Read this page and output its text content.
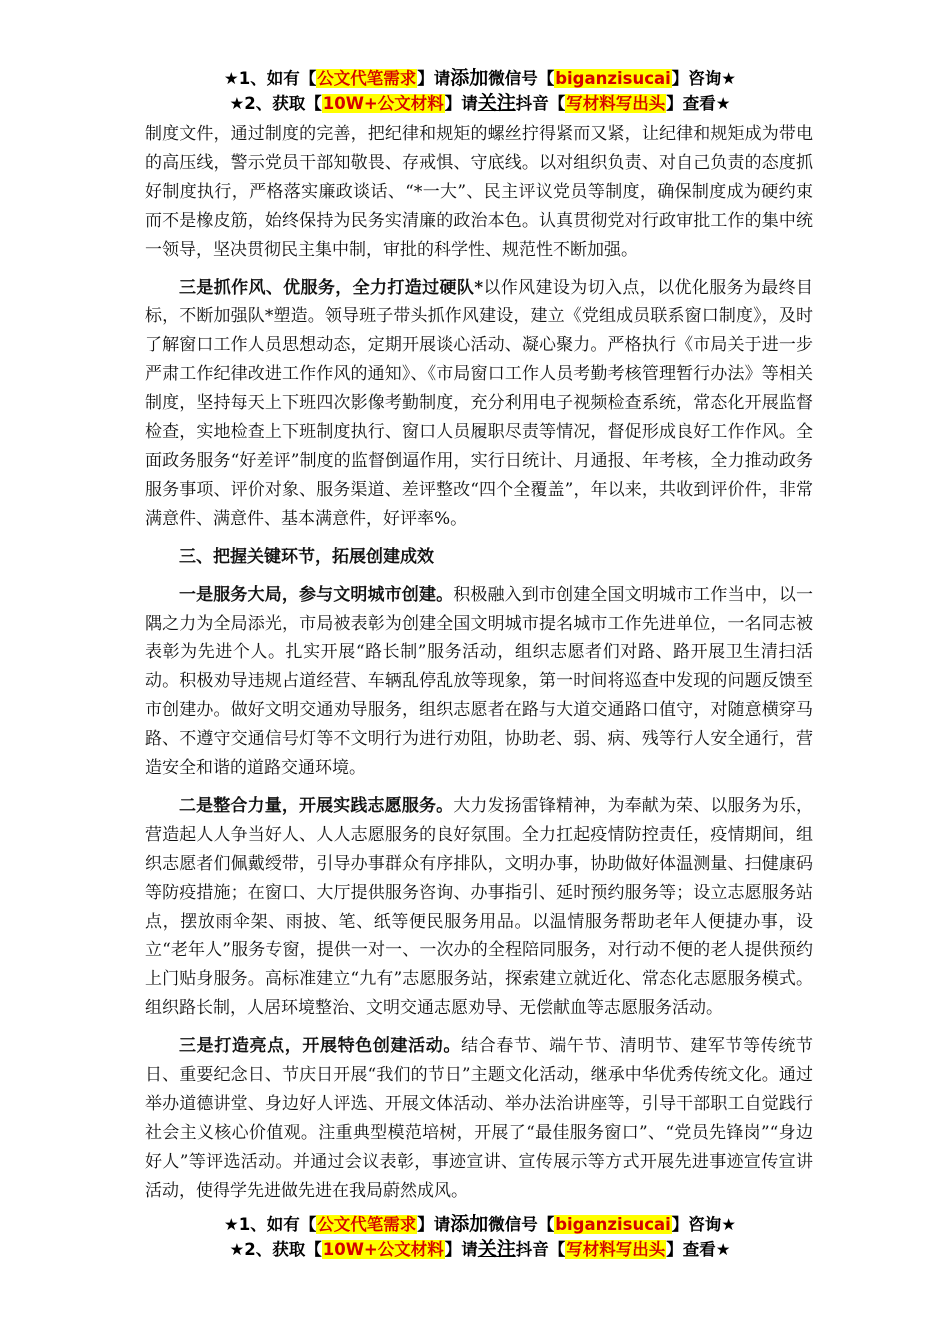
★1、如有【公文代笔需求】请添加微信号【biganzisucai】咨询★
★2、获取【10W+公文材料】请关注抖音【写材料写出头】查看★

制度文件，通过制度的完善，把纪律和规矩的螺丝拧得紧而又紧，让纪律和规矩成为带电的高压线，警示党员干部知敬畏、存戒惧、守底线。以对组织负责、对自己负责的态度抓好制度执行，严格落实廉政谈话、“*一大”、民主评议党员等制度，确保制度成为硬约束而不是橡皮筋，始终保持为民务实清廉的政治本色。认真贯彻党对行政审批工作的集中统一领导，坚决贯彻民主集中制，审批的科学性、规范性不断加强。

三是抓作风、优服务，全力打造过硬队*以作风建设为切入点，以优化服务为最终目标，不断加强队*塑造。领导班子带头抓作风建设，建立《党组成员联系窗口制度》，及时了解窗口工作人员思想动态，定期开展谈心活动、凝心聚力。严格执行《市局关于进一步严肃工作纪律改进工作作风的通知》、《市局窗口工作人员考勤考核管理暂行办法》等相关制度，坚持每天上下班四次影像考勤制度，充分利用电子视频检查系统，常态化开展监督检查，实地检查上下班制度执行、窗口人员履职尽责等情况，督促形成良好工作作风。全面政务服务“好差评”制度的监督倒逼作用，实行日统计、月通报、年考核，全力推动政务服务事项、评价对象、服务渠道、差评整改“四个全覆盖”，年以来，共收到评价件，非常满意件、满意件、基本满意件，好评率%。

三、把握关键环节，拓展创建成效

一是服务大局，参与文明城市创建。积极融入到市创建全国文明城市工作当中，以一隅之力为全局添光，市局被表彰为创建全国文明城市提名城市工作先进单位，一名同志被表彰为先进个人。扎实开展“路长制”服务活动，组织志愿者们对路、路开展卫生清扫活动。积极劝导违规占道经营、车辆乱停乱放等现象，第一时间将巡查中发现的问题反馈至市创建办。做好文明交通劝导服务，组织志愿者在路与大道交通路口值守，对随意横穿马路、不遵守交通信号灯等不文明行为进行劝阻，协助老、弱、病、残等行人安全通行，营造安全和谐的道路交通环境。

二是整合力量，开展实践志愿服务。大力发扬雷锋精神，为奉献为荣、以服务为乐，营造起人人争当好人、人人志愿服务的良好氛围。全力扛起疫情防控责任，疫情期间，组织志愿者们佩戴绶带，引导办事群众有序排队，文明办事，协助做好体温测量、扫健康码等防疫措施；在窗口、大厅提供服务咨询、办事指引、延时预约服务等；设立志愿服务站点，摆放雨伞架、雨披、笔、纸等便民服务用品。以温情服务帮助老年人便捷办事，设立“老年人”服务专窗，提供一对一、一次办的全程陪同服务，对行动不便的老人提供预约上门贴身服务。高标准建立“九有”志愿服务站，探索建立就近化、常态化志愿服务模式。组织路长制，人居环境整治、文明交通志愿劝导、无偿献血等志愿服务活动。

三是打造亮点，开展特色创建活动。结合春节、端午节、清明节、建军节等传统节日、重要纪念日、节庆日开展“我们的节日”主题文化活动，继承中华优秀传统文化。通过举办道德讲堂、身边好人评选、开展文体活动、举办法治讲座等，引导干部职工自觉践行社会主义核心价值观。注重典型模范培树，开展了“最佳服务窗口”、“党员先锋岗”“身边好人”等评选活动。并通过会议表彰，事迹宣讲、宣传展示等方式开展先进事迹宣传宣讲活动，使得学先进做先进在我局蔚然成风。

★1、如有【公文代笔需求】请添加微信号【biganzisucai】咨询★
★2、获取【10W+公文材料】请关注抖音【写材料写出头】查看★
